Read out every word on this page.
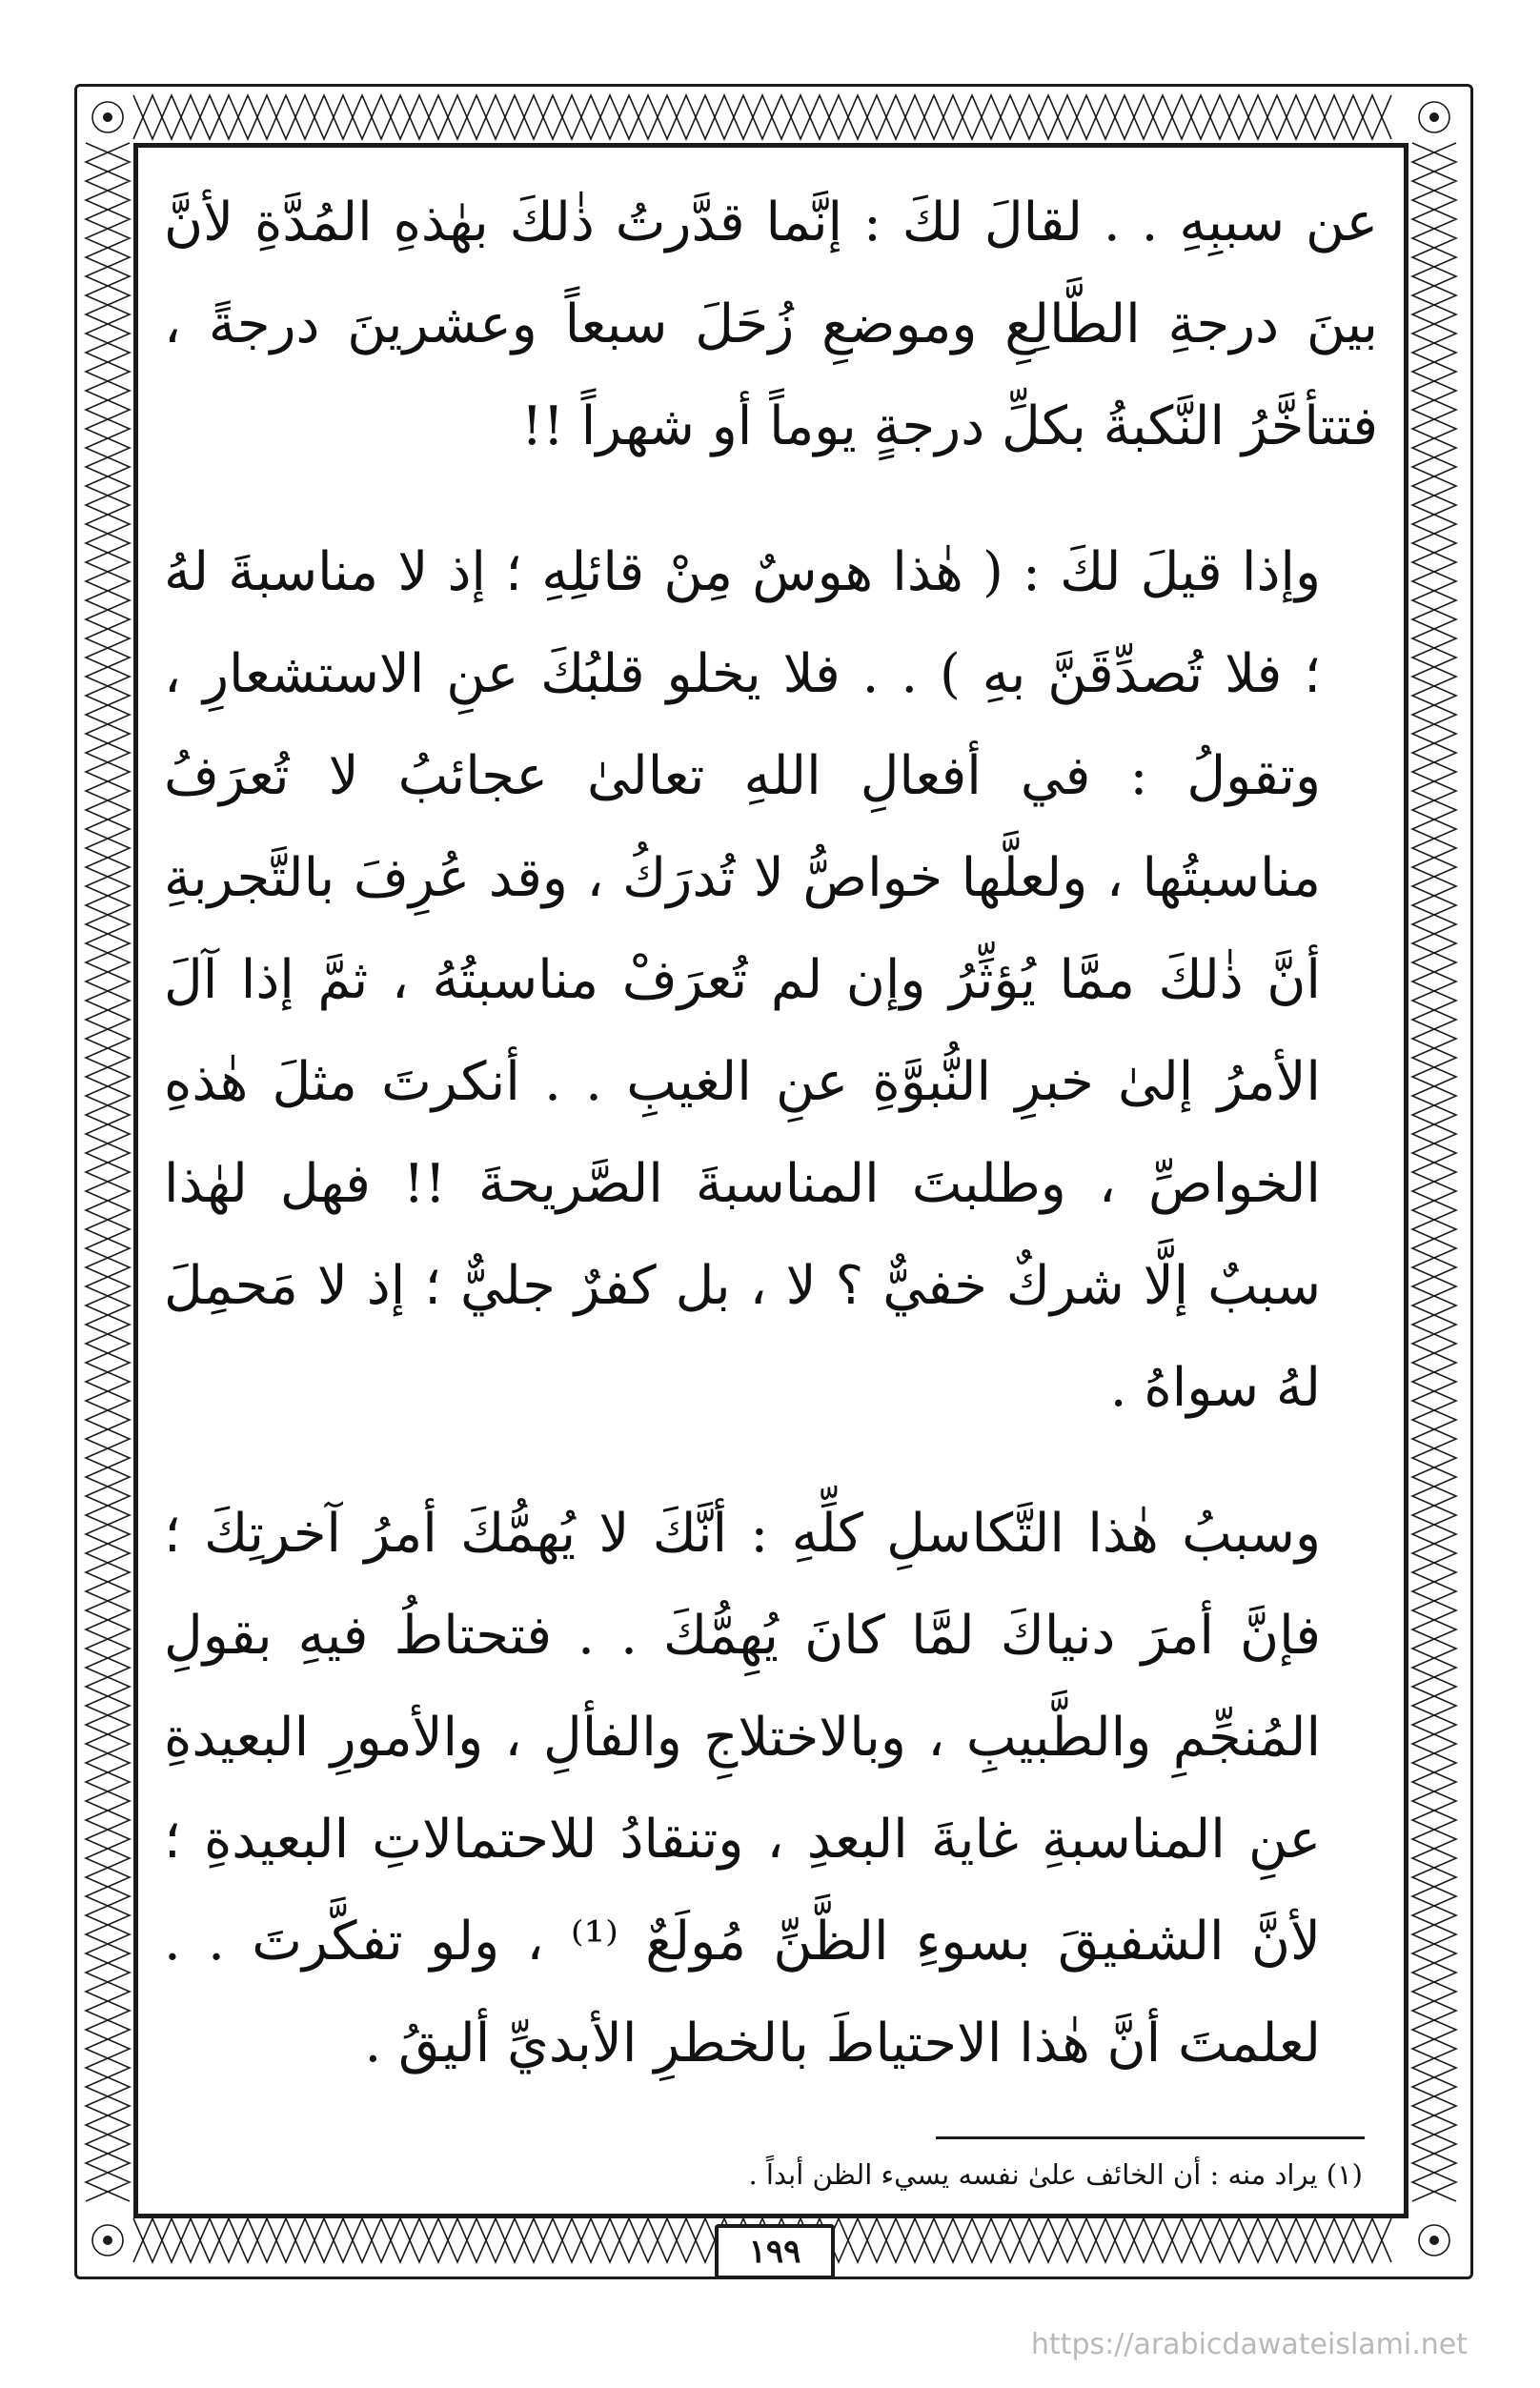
عن سببِهِ . . لقالَ لكَ : إنَّما قدَّرتُ ذٰلكَ بهٰذهِ المُدَّةِ لأنَّ بينَ درجةِ الطَّالِعِ وموضعِ زُحَلَ سبعاً وعشرينَ درجةً ، فتتأخَّرُ النَّكبةُ بكلِّ درجةٍ يوماً أو شهراً !!

وإذا قيلَ لكَ : ( هٰذا هوسٌ مِنْ قائلِهِ ؛ إذ لا مناسبةَ لهُ ؛ فلا تُصدِّقَنَّ بهِ ) . . فلا يخلو قلبُكَ عنِ الاستشعارِ ، وتقولُ : في أفعالِ اللهِ تعالىٰ عجائبُ لا تُعرَفُ مناسبتُها ، ولعلَّها خواصُّ لا تُدرَكُ ، وقد عُرِفَ بالتَّجربةِ أنَّ ذٰلكَ ممَّا يُؤثِّرُ وإن لم تُعرَفْ مناسبتُهُ ، ثمَّ إذا آلَ الأمرُ إلىٰ خبرِ النُّبوَّةِ عنِ الغيبِ . . أنكرتَ مثلَ هٰذهِ الخواصِّ ، وطلبتَ المناسبةَ الصَّريحةَ !! فهل لهٰذا سببٌ إلَّا شركٌ خفيٌّ ؟ لا ، بل كفرٌ جليٌّ ؛ إذ لا مَحمِلَ لهُ سواهُ .

وسببُ هٰذا التَّكاسلِ كلِّهِ : أنَّكَ لا يُهمُّكَ أمرُ آخرتِكَ ؛ فإنَّ أمرَ دنياكَ لمَّا كانَ يُهِمُّكَ . . فتحتاطُ فيهِ بقولِ المُنجِّمِ والطَّبيبِ ، وبالاختلاجِ والفألِ ، والأمورِ البعيدةِ عنِ المناسبةِ غايةَ البعدِ ، وتنقادُ للاحتمالاتِ البعيدةِ ؛ لأنَّ الشفيقَ بسوءِ الظَّنِّ مُولَعٌ ⁽¹⁾ ، ولو تفكَّرتَ . . لعلمتَ أنَّ هٰذا الاحتياطَ بالخطرِ الأبديِّ أليقُ .

(١) يراد منه : أن الخائف علىٰ نفسه يسيء الظن أبداً .
١٩٩
https://arabicdawateislami.net
